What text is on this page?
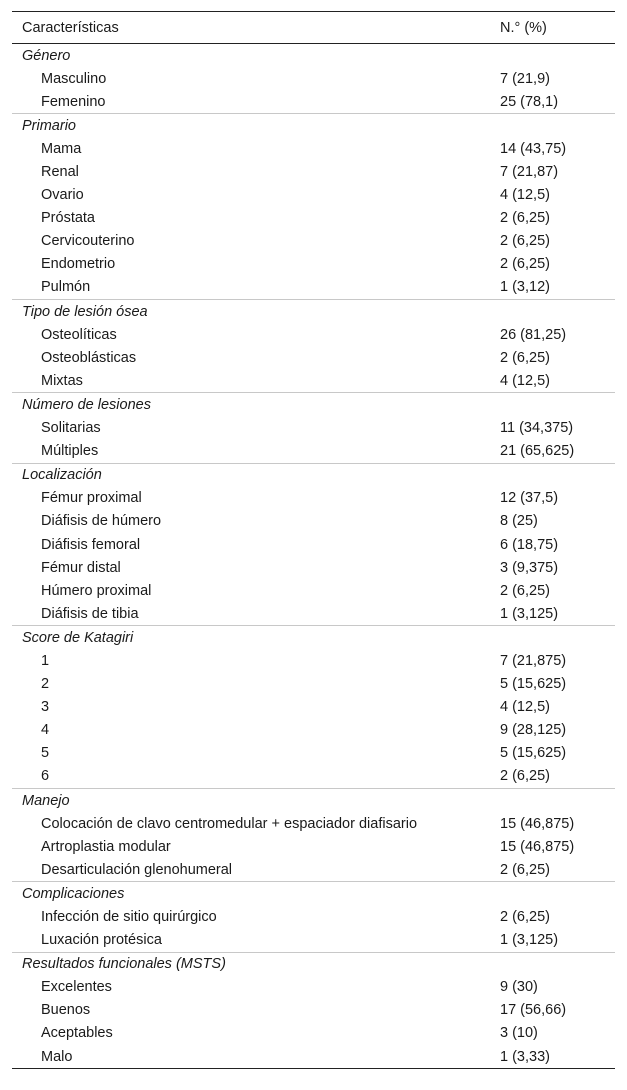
Características	N.° (%)
Género	
Masculino	7 (21,9)
Femenino	25 (78,1)
Primario	
Mama	14 (43,75)
Renal	7 (21,87)
Ovario	4 (12,5)
Próstata	2 (6,25)
Cervicouterino	2 (6,25)
Endometrio	2 (6,25)
Pulmón	1 (3,12)
Tipo de lesión ósea	
Osteolíticas	26 (81,25)
Osteoblásticas	2 (6,25)
Mixtas	4 (12,5)
Número de lesiones	
Solitarias	11 (34,375)
Múltiples	21 (65,625)
Localización	
Fémur proximal	12 (37,5)
Diáfisis de húmero	8 (25)
Diáfisis femoral	6 (18,75)
Fémur distal	3 (9,375)
Húmero proximal	2 (6,25)
Diáfisis de tibia	1 (3,125)
Score de Katagiri	
1	7 (21,875)
2	5 (15,625)
3	4 (12,5)
4	9 (28,125)
5	5 (15,625)
6	2 (6,25)
Manejo	
Colocación de clavo centromedular + espaciador diafisario	15 (46,875)
Artroplastia modular	15 (46,875)
Desarticulación glenohumeral	2 (6,25)
Complicaciones	
Infección de sitio quirúrgico	2 (6,25)
Luxación protésica	1 (3,125)
Resultados funcionales (MSTS)	
Excelentes	9 (30)
Buenos	17 (56,66)
Aceptables	3 (10)
Malo	1 (3,33)
